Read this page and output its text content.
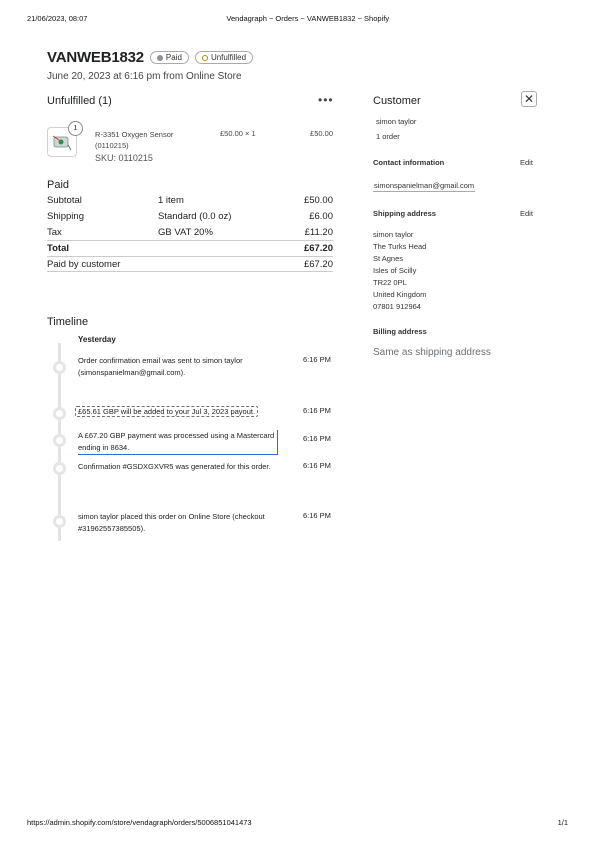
21/06/2023, 08:07	Vendagraph ~ Orders ~ VANWEB1832 ~ Shopify
VANWEB1832	Paid	Unfulfilled
June 20, 2023 at 6:16 pm from Online Store
Unfulfilled (1)	•••
1
R-3351 Oxygen Sensor (0110215)
SKU: 0110215
£50.00 × 1	£50.00
Paid
Subtotal	1 item	£50.00
Shipping	Standard (0.0 oz)	£6.00
Tax	GB VAT 20%	£11.20
Total	£67.20
Paid by customer	£67.20
Timeline
Yesterday
Order confirmation email was sent to simon taylor (simonspanielman@gmail.com).
6:16 PM
£65.61 GBP will be added to your Jul 3, 2023 payout.	6:16 PM
A £67.20 GBP payment was processed using a Mastercard ending in 8634.
6:16 PM
Confirmation #GSDXGXVR5 was generated for this order.	6:16 PM
simon taylor placed this order on Online Store (checkout #31962557385505).
6:16 PM
Customer	✕
simon taylor
1 order
Contact information	Edit
simonspanielman@gmail.com
Shipping address	Edit
simon taylor
The Turks Head
St Agnes
Isles of Scilly
TR22 0PL
United Kingdom
07801 912964
Billing address
Same as shipping address
https://admin.shopify.com/store/vendagraph/orders/5006851041473	1/1
